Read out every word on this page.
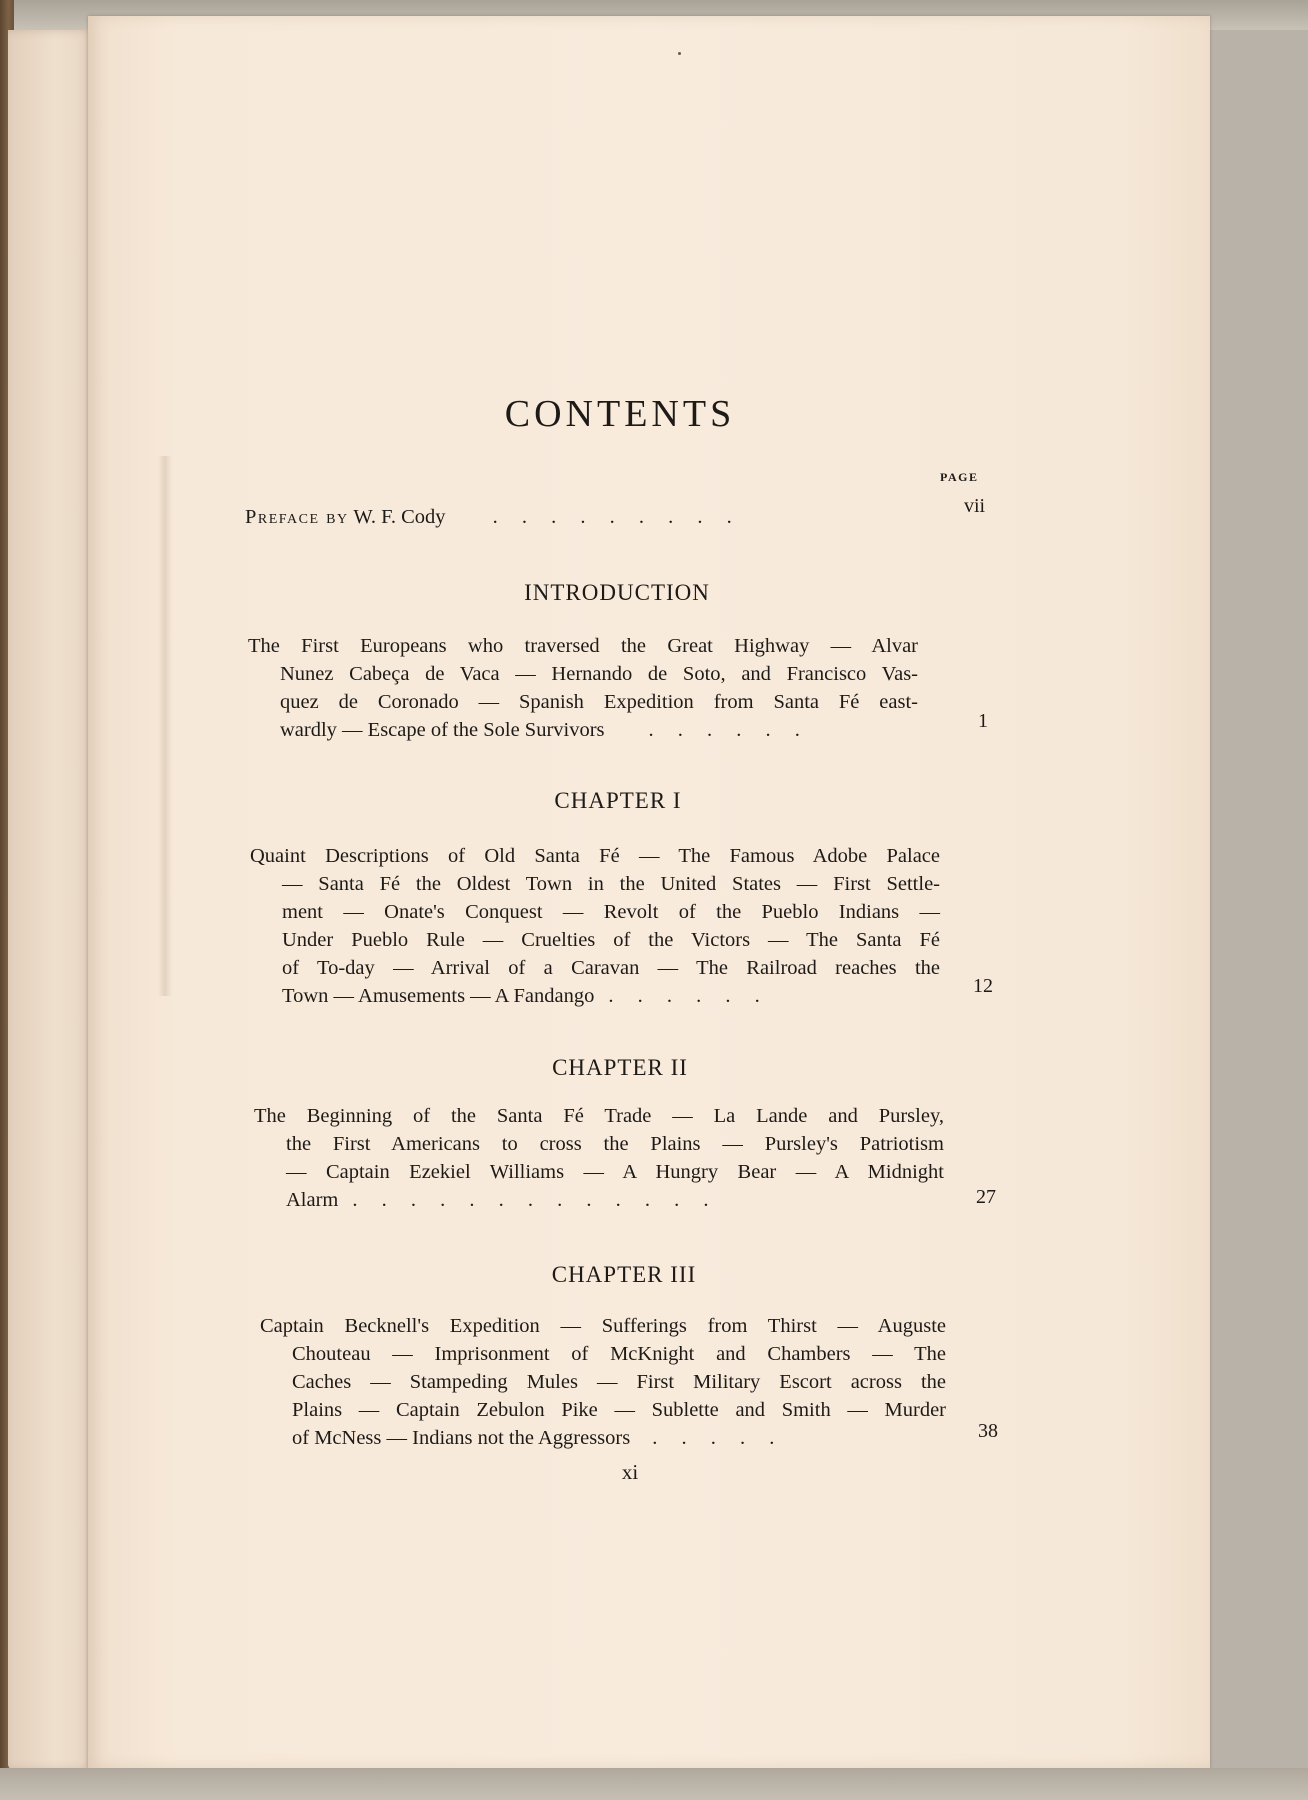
CONTENTS
PAGE
Preface by W. F. Cody . . . . . . . . .	vii
INTRODUCTION
The First Europeans who traversed the Great Highway — Alvar
Nunez Cabeça de Vaca — Hernando de Soto, and Francisco Vas-
quez de Coronado — Spanish Expedition from Santa Fé east-
wardly — Escape of the Sole Survivors . . . . . .	1
CHAPTER I
Quaint Descriptions of Old Santa Fé — The Famous Adobe Palace
— Santa Fé the Oldest Town in the United States — First Settle-
ment — Onate's Conquest — Revolt of the Pueblo Indians —
Under Pueblo Rule — Cruelties of the Victors — The Santa Fé
of To-day — Arrival of a Caravan — The Railroad reaches the
Town — Amusements — A Fandango . . . . . .	12
CHAPTER II
The Beginning of the Santa Fé Trade — La Lande and Pursley,
the First Americans to cross the Plains — Pursley's Patriotism
— Captain Ezekiel Williams — A Hungry Bear — A Midnight
Alarm . . . . . . . . . . . . .	27
CHAPTER III
Captain Becknell's Expedition — Sufferings from Thirst — Auguste
Chouteau — Imprisonment of McKnight and Chambers — The
Caches — Stampeding Mules — First Military Escort across the
Plains — Captain Zebulon Pike — Sublette and Smith — Murder
of McNess — Indians not the Aggressors . . . . .	38
xi
